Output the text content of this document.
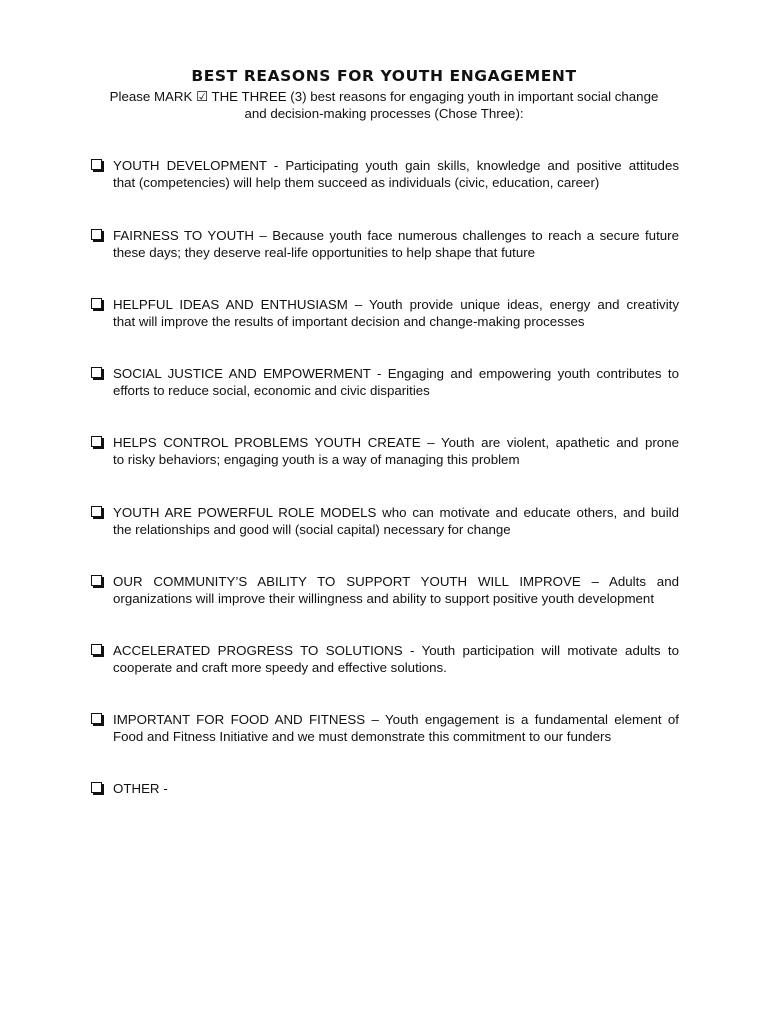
BEST REASONS FOR YOUTH ENGAGEMENT
Please MARK ☑ THE THREE (3) best reasons for engaging youth in important social change
and decision-making processes (Chose Three):
YOUTH DEVELOPMENT - Participating youth gain skills, knowledge and positive attitudes
that (competencies) will help them succeed as individuals (civic, education, career)
FAIRNESS TO YOUTH – Because youth face numerous challenges to reach a secure future
these days; they deserve real-life opportunities to help shape that future
HELPFUL IDEAS AND ENTHUSIASM – Youth provide unique ideas, energy and creativity
that will improve the results of important decision and change-making processes
SOCIAL JUSTICE AND EMPOWERMENT - Engaging and empowering youth contributes to
efforts to reduce social, economic and civic disparities
HELPS CONTROL PROBLEMS YOUTH CREATE – Youth are violent, apathetic and prone
to risky behaviors; engaging youth is a way of managing this problem
YOUTH ARE POWERFUL ROLE MODELS who can motivate and educate others, and build
the relationships and good will (social capital) necessary for change
OUR COMMUNITY’S ABILITY TO SUPPORT YOUTH WILL IMPROVE – Adults and
organizations will improve their willingness and ability to support positive youth development
ACCELERATED PROGRESS TO SOLUTIONS - Youth participation will motivate adults to
cooperate and craft more speedy and effective solutions.
IMPORTANT FOR FOOD AND FITNESS – Youth engagement is a fundamental element of
Food and Fitness Initiative and we must demonstrate this commitment to our funders
OTHER -
